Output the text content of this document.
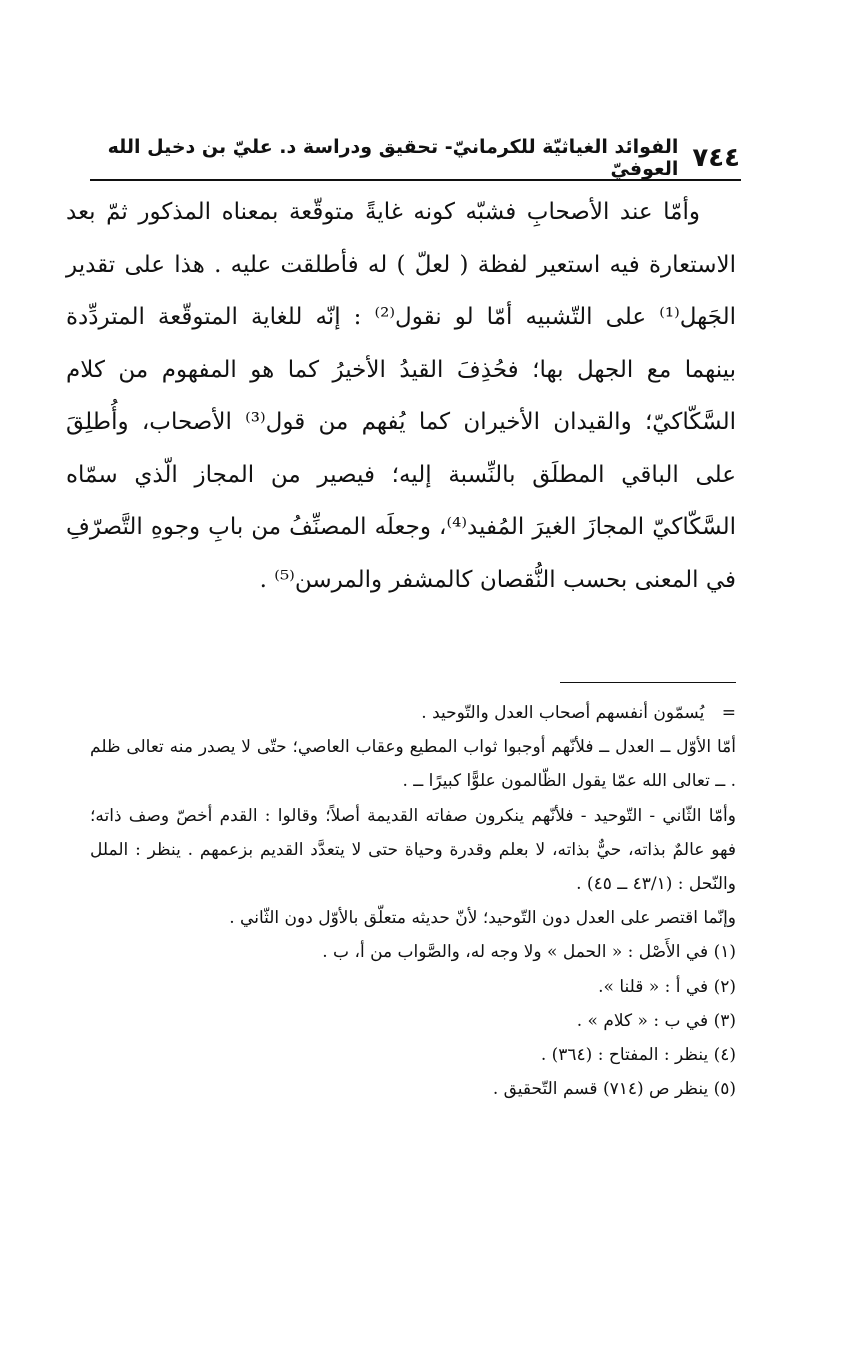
٧٤٤
الفوائد الغياثيّة للكرمانيّ- تحقيق ودراسة د. عليّ بن دخيل الله العوفيّ

وأمّا عند الأصحابِ فشبّه كونه غايةً متوقّعة بمعناه المذكور ثمّ بعد الاستعارة فيه استعير لفظة ( لعلّ ) له فأطلقت عليه . هذا على تقدير الجَهل⁽¹⁾ على التّشبيه أمّا لو نقول⁽²⁾ : إنّه للغاية المتوقّعة المتردِّدة بينهما مع الجهل بها؛ فحُذِفَ القيدُ الأخيرُ كما هو المفهوم من كلام السَّكّاكيّ؛ والقيدان الأخيران كما يُفهم من قول⁽³⁾ الأصحاب، وأُطلِقَ على الباقي المطلَق بالنِّسبة إليه؛ فيصير من المجاز الّذي سمّاه السَّكّاكيّ المجازَ الغيرَ المُفيد⁽⁴⁾، وجعلَه المصنِّفُ من بابِ وجوهِ التَّصرّفِ في المعنى بحسب النُّقصان كالمشفر والمرسن⁽⁵⁾ .

= يُسمّون أنفسهم أصحاب العدل والتّوحيد .
أمّا الأوّل ــ العدل ــ فلأنّهم أوجبوا ثواب المطيع وعقاب العاصي؛ حتّى لا يصدر منه تعالى ظلم . ــ تعالى الله عمّا يقول الظّالمون علوًّا كبيرًا ــ .
وأمّا الثّاني - التّوحيد - فلأنّهم ينكرون صفاته القديمة أصلاً؛ وقالوا : القدم أخصّ وصف ذاته؛ فهو عالمٌ بذاته، حيٌّ بذاته، لا بعلم وقدرة وحياة حتى لا يتعدَّد القديم بزعمهم . ينظر : الملل والنّحل : (٤٣/١ ــ ٤٥) .
وإنّما اقتصر على العدل دون التّوحيد؛ لأنّ حديثه متعلّق بالأوّل دون الثّاني .
(١) في الأَصْل : « الحمل » ولا وجه له، والصَّواب من أ، ب .
(٢) في أ : « قلنا ».
(٣) في ب : « كلام » .
(٤) ينظر : المفتاح : (٣٦٤) .
(٥) ينظر ص (٧١٤) قسم التّحقيق .
